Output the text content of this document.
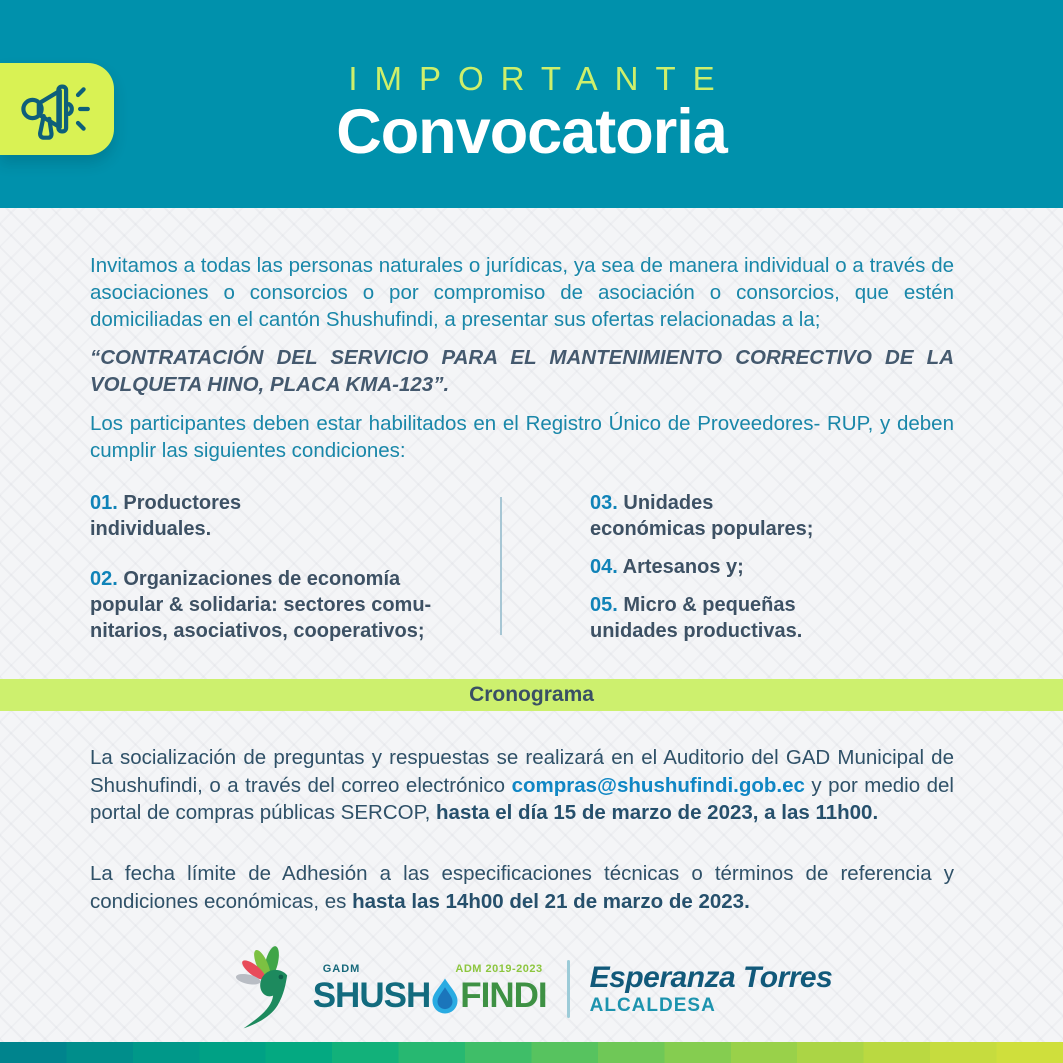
IMPORTANTE
Convocatoria
Invitamos a todas las personas naturales o jurídicas, ya sea de manera individual o a través de asociaciones o consorcios o por compromiso de asociación o consorcios, que estén domiciliadas en el cantón Shushufindi, a presentar sus ofertas relacionadas a la;
“CONTRATACIÓN DEL SERVICIO PARA EL MANTENIMIENTO CORRECTIVO DE LA VOLQUETA HINO, PLACA KMA-123”.
Los participantes deben estar habilitados en el Registro Único de Proveedores- RUP, y deben cumplir las siguientes condiciones:
01. Productores
individuales.
02. Organizaciones de economía
popular & solidaria: sectores comu-
nitarios, asociativos, cooperativos;
03. Unidades
económicas populares;
04. Artesanos y;
05. Micro & pequeñas
unidades productivas.
Cronograma
La socialización de preguntas y respuestas se realizará en el Auditorio del GAD Municipal de Shushufindi, o a través del correo electrónico compras@shushufindi.gob.ec y por medio del portal de compras públicas SERCOP, hasta el día 15 de marzo de 2023, a las 11h00.
La fecha límite de Adhesión a las especificaciones técnicas o términos de referencia y condiciones económicas, es hasta las 14h00 del 21 de marzo de 2023.
GADM	ADM 2019-2023
SHUSH FINDI Esperanza Torres
ALCALDESA
